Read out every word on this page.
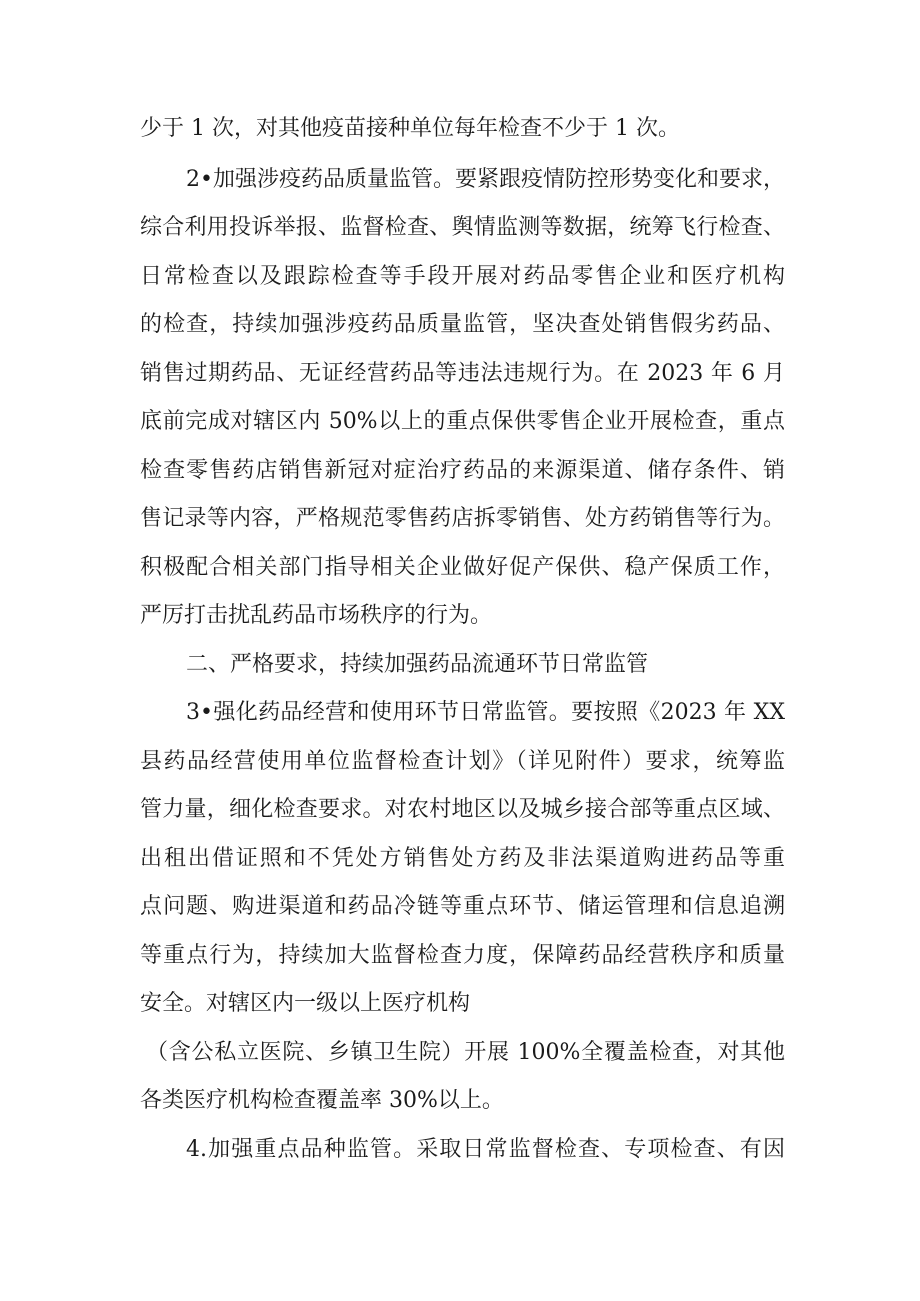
少于 1 次，对其他疫苗接种单位每年检查不少于 1 次。
2•加强涉疫药品质量监管。要紧跟疫情防控形势变化和要求，
综合利用投诉举报、监督检查、舆情监测等数据，统筹飞行检查、
日常检查以及跟踪检查等手段开展对药品零售企业和医疗机构
的检查，持续加强涉疫药品质量监管，坚决查处销售假劣药品、
销售过期药品、无证经营药品等违法违规行为。在 2023 年 6 月
底前完成对辖区内 50%以上的重点保供零售企业开展检查，重点
检查零售药店销售新冠对症治疗药品的来源渠道、储存条件、销
售记录等内容，严格规范零售药店拆零销售、处方药销售等行为。
积极配合相关部门指导相关企业做好促产保供、稳产保质工作，
严厉打击扰乱药品市场秩序的行为。
二、严格要求，持续加强药品流通环节日常监管
3•强化药品经营和使用环节日常监管。要按照《2023 年 XX
县药品经营使用单位监督检查计划》（详见附件）要求，统筹监
管力量，细化检查要求。对农村地区以及城乡接合部等重点区域、
出租出借证照和不凭处方销售处方药及非法渠道购进药品等重
点问题、购进渠道和药品冷链等重点环节、储运管理和信息追溯
等重点行为，持续加大监督检查力度，保障药品经营秩序和质量
安全。对辖区内一级以上医疗机构
（含公私立医院、乡镇卫生院）开展 100%全覆盖检查，对其他
各类医疗机构检查覆盖率 30%以上。
4.加强重点品种监管。采取日常监督检查、专项检查、有因
